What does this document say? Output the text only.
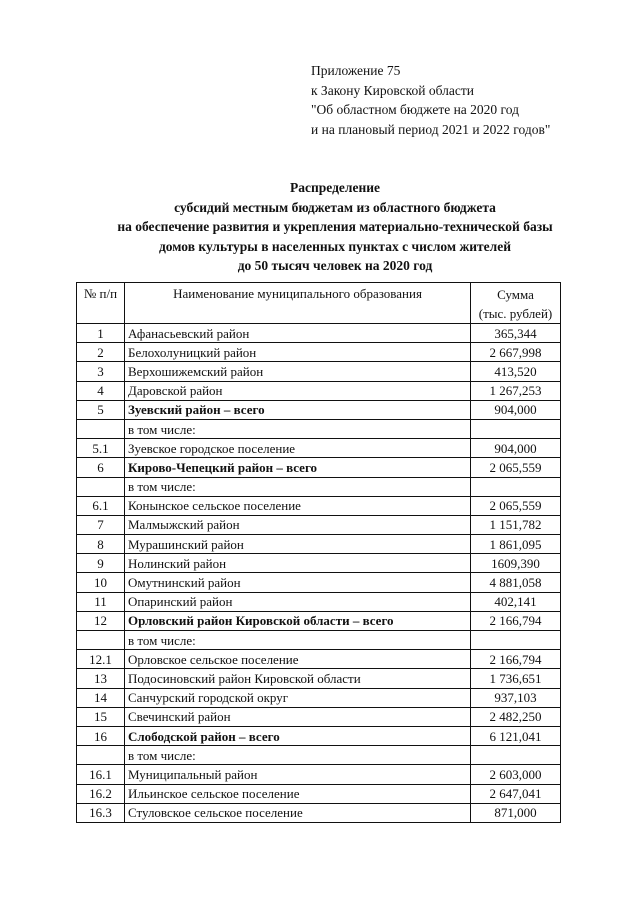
Приложение 75
к Закону Кировской области
"Об областном бюджете на 2020 год
и на плановый период 2021 и 2022 годов"
Распределение
субсидий местным бюджетам из областного бюджета
на обеспечение развития и укрепления материально-технической базы
домов культуры в населенных пунктах с числом жителей
до 50 тысяч человек на 2020 год
№ п/п	Наименование муниципального образования	Сумма
(тыс. рублей)

1	Афанасьевский район	365,344
2	Белохолуницкий район	2 667,998
3	Верхошижемский район	413,520
4	Даровской район	1 267,253
5	Зуевский район – всего	904,000
	в том числе:	
5.1	Зуевское городское поселение	904,000
6	Кирово-Чепецкий район – всего	2 065,559
	в том числе:	
6.1	Конынское сельское поселение	2 065,559
7	Малмыжский район	1 151,782
8	Мурашинский район	1 861,095
9	Нолинский район	1609,390
10	Омутнинский район	4 881,058
11	Опаринский район	402,141
12	Орловский район Кировской области – всего	2 166,794
	в том числе:	
12.1	Орловское сельское поселение	2 166,794
13	Подосиновский район Кировской области	1 736,651
14	Санчурский городской округ	937,103
15	Свечинский район	2 482,250
16	Слободской район – всего	6 121,041
	в том числе:	
16.1	Муниципальный район	2 603,000
16.2	Ильинское сельское поселение	2 647,041
16.3	Стуловское сельское поселение	871,000
